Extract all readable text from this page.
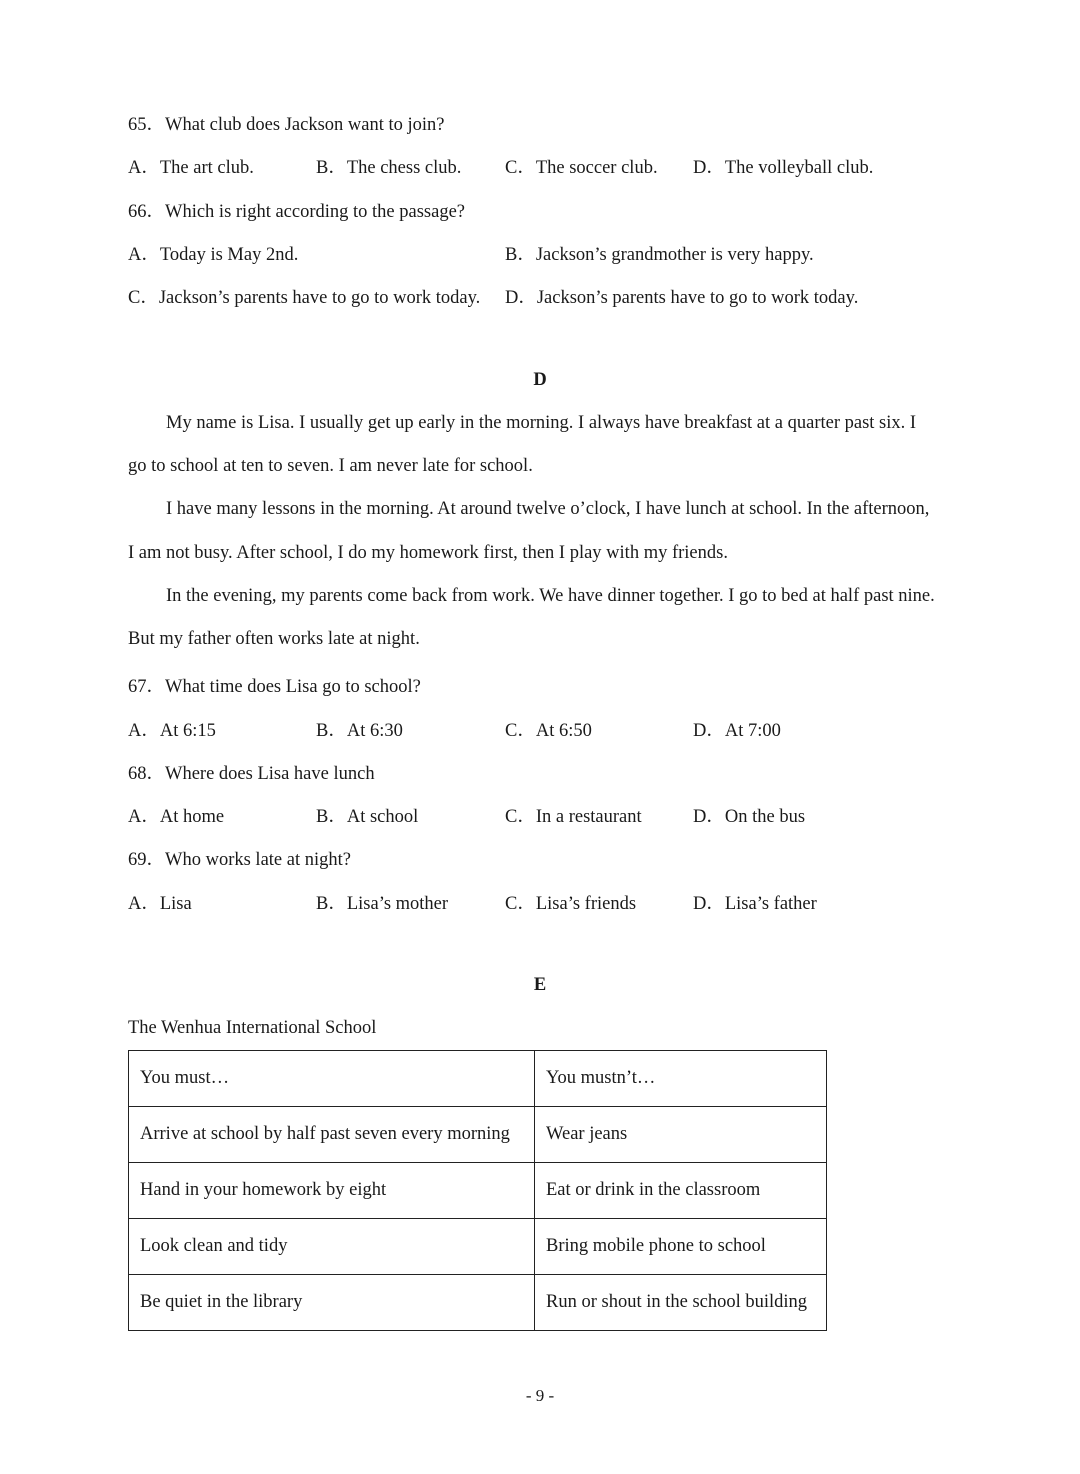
65．What club does Jackson want to join?
A．The art club.	B．The chess club. C．The soccer club. D．The volleyball club.
66．Which is right according to the passage?
A．Today is May 2nd.	B．Jackson’s grandmother is very happy.
C．Jackson’s parents have to go to work today. D．Jackson’s parents have to go to work today.
D
My name is Lisa. I usually get up early in the morning. I always have breakfast at a quarter past six. I
go to school at ten to seven. I am never late for school.
I have many lessons in the morning. At around twelve o’clock, I have lunch at school. In the afternoon,
I am not busy. After school, I do my homework first, then I play with my friends.
In the evening, my parents come back from work. We have dinner together. I go to bed at half past nine.
But my father often works late at night.
67．What time does Lisa go to school?
A．At 6:15	B．At 6:30	C．At 6:50	D．At 7:00
68．Where does Lisa have lunch
A．At home	B．At school	C．In a restaurant	D．On the bus
69．Who works late at night?
A．Lisa	B．Lisa’s mother	C．Lisa’s friends	D．Lisa’s father
E
The Wenhua International School
You must…	You mustn’t…
Arrive at school by half past seven every morning	Wear jeans
Hand in your homework by eight	Eat or drink in the classroom
Look clean and tidy	Bring mobile phone to school
Be quiet in the library	Run or shout in the school building
- 9 -
